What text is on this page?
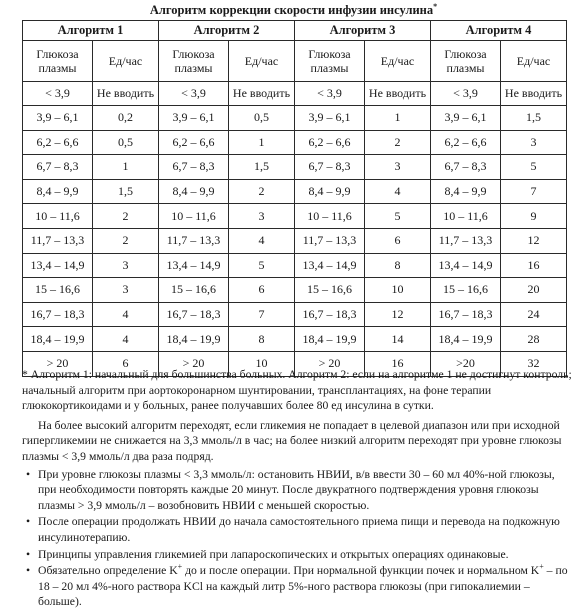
Алгоритм коррекции скорости инфузии инсулина*
Алгоритм 1		Алгоритм 2		Алгоритм 3		Алгоритм 4	
Глюкоза плазмы	Ед/час	Глюкоза плазмы	Ед/час	Глюкоза плазмы	Ед/час	Глюкоза плазмы	Ед/час
< 3,9	Не вводить	< 3,9	Не вводить	< 3,9	Не вводить	< 3,9	Не вводить
3,9 – 6,1	0,2	3,9 – 6,1	0,5	3,9 – 6,1	1	3,9 – 6,1	1,5
6,2 – 6,6	0,5	6,2 – 6,6	1	6,2 – 6,6	2	6,2 – 6,6	3
6,7 – 8,3	1	6,7 – 8,3	1,5	6,7 – 8,3	3	6,7 – 8,3	5
8,4 – 9,9	1,5	8,4 – 9,9	2	8,4 – 9,9	4	8,4 – 9,9	7
10 – 11,6	2	10 – 11,6	3	10 – 11,6	5	10 – 11,6	9
11,7 – 13,3	2	11,7 – 13,3	4	11,7 – 13,3	6	11,7 – 13,3	12
13,4 – 14,9	3	13,4 – 14,9	5	13,4 – 14,9	8	13,4 – 14,9	16
15 – 16,6	3	15 – 16,6	6	15 – 16,6	10	15 – 16,6	20
16,7 – 18,3	4	16,7 – 18,3	7	16,7 – 18,3	12	16,7 – 18,3	24
18,4 – 19,9	4	18,4 – 19,9	8	18,4 – 19,9	14	18,4 – 19,9	28
> 20	6	> 20	10	> 20	16	>20	32

* Алгоритм 1: начальный для большинства больных. Алгоритм 2: если на алгоритме 1 не достигнут контроль; начальный алгоритм при аортокоронарном шунтировании, трансплантациях, на фоне терапии глюкокортикоидами и у больных, ранее получавших более 80 ед инсулина в сутки.

На более высокий алгоритм переходят, если гликемия не попадает в целевой диапазон или при исходной гипергликемии не снижается на 3,3 ммоль/л в час; на более низкий алгоритм переходят при уровне глюкозы плазмы < 3,9 ммоль/л два раза подряд.

• При уровне глюкозы плазмы < 3,3 ммоль/л: остановить НВИИ, в/в ввести 30 – 60 мл 40%-ной глюкозы, при необходимости повторять каждые 20 минут. После двукратного подтверждения уровня глюкозы плазмы > 3,9 ммоль/л – возобновить НВИИ с меньшей скоростью.
• После операции продолжать НВИИ до начала самостоятельного приема пищи и перевода на подкожную инсулинотерапию.
• Принципы управления гликемией при лапароскопических и открытых операциях одинаковые.
• Обязательно определение K+ до и после операции. При нормальной функции почек и нормальном K+ – по 18 – 20 мл 4%-ного раствора KCl на каждый литр 5%-ного раствора глюкозы (при гипокалиемии – больше).
